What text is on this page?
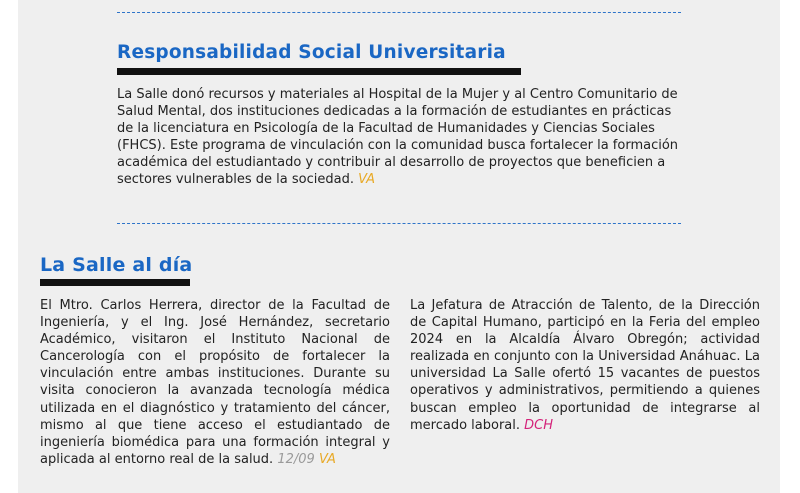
Responsabilidad Social Universitaria

La Salle donó recursos y materiales al Hospital de la Mujer y al Centro Comunitario de Salud Mental, dos instituciones dedicadas a la formación de estudiantes en prácticas de la licenciatura en Psicología de la Facultad de Humanidades y Ciencias Sociales (FHCS). Este programa de vinculación con la comunidad busca fortalecer la formación académica del estudiantado y contribuir al desarrollo de proyectos que beneficien a sectores vulnerables de la sociedad. VA

La Salle al día

El Mtro. Carlos Herrera, director de la Facultad de Ingeniería, y el Ing. José Hernández, secretario Académico, visitaron el Instituto Nacional de Cancerología con el propósito de fortalecer la vinculación entre ambas instituciones. Durante su visita conocieron la avanzada tecnología médica utilizada en el diagnóstico y tratamiento del cáncer, mismo al que tiene acceso el estudiantado de ingeniería biomédica para una formación integral y aplicada al entorno real de la salud. 12/09 VA

La Jefatura de Atracción de Talento, de la Dirección de Capital Humano, participó en la Feria del empleo 2024 en la Alcaldía Álvaro Obregón; actividad realizada en conjunto con la Universidad Anáhuac. La universidad La Salle ofertó 15 vacantes de puestos operativos y administrativos, permitiendo a quienes buscan empleo la oportunidad de integrarse al mercado laboral. DCH
